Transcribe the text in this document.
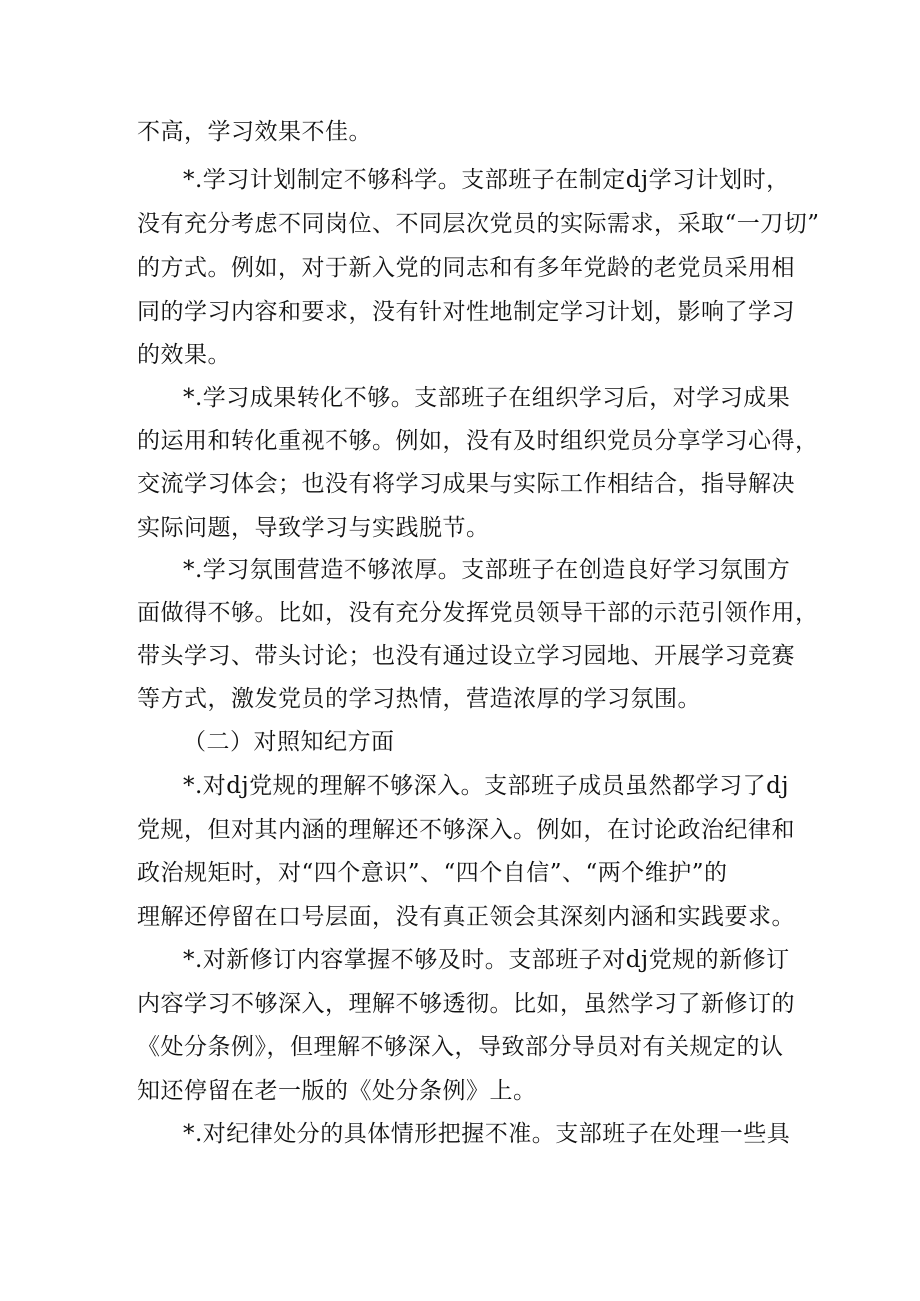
不高，学习效果不佳。
*.学习计划制定不够科学。支部班子在制定dj学习计划时，
没有充分考虑不同岗位、不同层次党员的实际需求，采取“一刀切”
的方式。例如，对于新入党的同志和有多年党龄的老党员采用相
同的学习内容和要求，没有针对性地制定学习计划，影响了学习
的效果。
*.学习成果转化不够。支部班子在组织学习后，对学习成果
的运用和转化重视不够。例如，没有及时组织党员分享学习心得，
交流学习体会；也没有将学习成果与实际工作相结合，指导解决
实际问题，导致学习与实践脱节。
*.学习氛围营造不够浓厚。支部班子在创造良好学习氛围方
面做得不够。比如，没有充分发挥党员领导干部的示范引领作用，
带头学习、带头讨论；也没有通过设立学习园地、开展学习竞赛
等方式，激发党员的学习热情，营造浓厚的学习氛围。
（二）对照知纪方面
*.对dj党规的理解不够深入。支部班子成员虽然都学习了dj
党规，但对其内涵的理解还不够深入。例如，在讨论政治纪律和
政治规矩时，对“四个意识”、“四个自信”、“两个维护”的
理解还停留在口号层面，没有真正领会其深刻内涵和实践要求。
*.对新修订内容掌握不够及时。支部班子对dj党规的新修订
内容学习不够深入，理解不够透彻。比如，虽然学习了新修订的
《处分条例》，但理解不够深入，导致部分导员对有关规定的认
知还停留在老一版的《处分条例》上。
*.对纪律处分的具体情形把握不准。支部班子在处理一些具
